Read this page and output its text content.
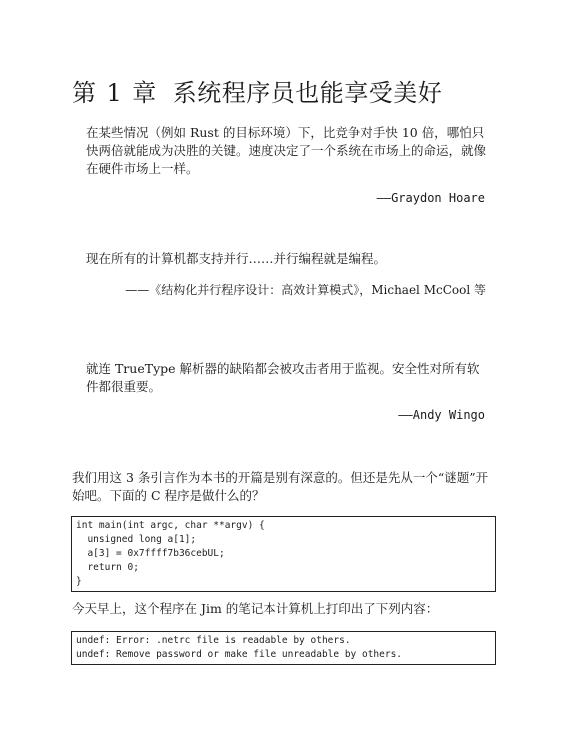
第 1 章 系统程序员也能享受美好

在某些情况（例如 Rust 的目标环境）下，比竞争对手快 10 倍，哪怕只快两倍就能成为决胜的关键。速度决定了一个系统在市场上的命运，就像在硬件市场上一样。

——Graydon Hoare

现在所有的计算机都支持并行……并行编程就是编程。

——《结构化并行程序设计：高效计算模式》，Michael McCool 等

就连 TrueType 解析器的缺陷都会被攻击者用于监视。安全性对所有软件都很重要。

——Andy Wingo
我们用这 3 条引言作为本书的开篇是别有深意的。但还是先从一个“谜题”开始吧。下面的 C 程序是做什么的？
int main(int argc, char **argv) {
unsigned long a[1];
a[3] = 0x7ffff7b36cebUL;
return 0;
}
今天早上，这个程序在 Jim 的笔记本计算机上打印出了下列内容：
undef: Error: .netrc file is readable by others.
undef: Remove password or make file unreadable by others.
